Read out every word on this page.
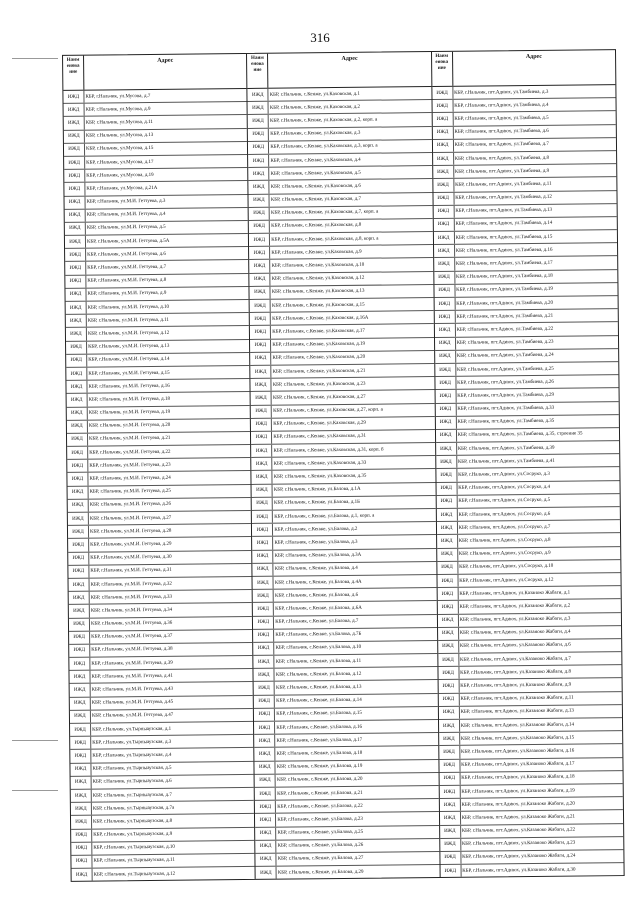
316
Наим енова ние
Адрес
ИЖД	КБР, г.Нальчик, ул.Мусова, д.7
ИЖД	КБР, г.Нальчик, ул.Мусова, д.9
ИЖД	КБР, г.Нальчик, ул.Мусова, д.11
ИЖД	КБР, г.Нальчик, ул.Мусова, д.13
ИЖД	КБР, г.Нальчик, ул.Мусова, д.15
ИЖД	КБР, г.Нальчик, ул.Мусова, д.17
ИЖД	КБР, г.Нальчик, ул.Мусова, д.19
ИЖД	КБР, г.Нальчик, ул.Мусова, д.21А
ИЖД	КБР, г.Нальчик, ул.М.И. Геттуева, д.3
ИЖД	КБР, г.Нальчик, ул.М.И. Геттуева, д.4
ИЖД	КБР, г.Нальчик, ул.М.И. Геттуева, д.5
ИЖД	КБР, г.Нальчик, ул.М.И. Геттуева, д.5А
ИЖД	КБР, г.Нальчик, ул.М.И. Геттуева, д.6
ИЖД	КБР, г.Нальчик, ул.М.И. Геттуева, д.7
ИЖД	КБР, г.Нальчик, ул.М.И. Геттуева, д.8
ИЖД	КБР, г.Нальчик, ул.М.И. Геттуева, д.9
ИЖД	КБР, г.Нальчик, ул.М.И. Геттуева, д.10
ИЖД	КБР, г.Нальчик, ул.М.И. Геттуева, д.11
ИЖД	КБР, г.Нальчик, ул.М.И. Геттуева, д.12
ИЖД	КБР, г.Нальчик, ул.М.И. Геттуева, д.13
ИЖД	КБР, г.Нальчик, ул.М.И. Геттуева, д.14
ИЖД	КБР, г.Нальчик, ул.М.И. Геттуева, д.15
ИЖД	КБР, г.Нальчик, ул.М.И. Геттуева, д.16
ИЖД	КБР, г.Нальчик, ул.М.И. Геттуева, д.18
ИЖД	КБР, г.Нальчик, ул.М.И. Геттуева, д.19
ИЖД	КБР, г.Нальчик, ул.М.И. Геттуева, д.20
ИЖД	КБР, г.Нальчик, ул.М.И. Геттуева, д.21
ИЖД	КБР, г.Нальчик, ул.М.И. Геттуева, д.22
ИЖД	КБР, г.Нальчик, ул.М.И. Геттуева, д.23
ИЖД	КБР, г.Нальчик, ул.М.И. Геттуева, д.24
ИЖД	КБР, г.Нальчик, ул.М.И. Геттуева, д.25
ИЖД	КБР, г.Нальчик, ул.М.И. Геттуева, д.26
ИЖД	КБР, г.Нальчик, ул.М.И. Геттуева, д.27
ИЖД	КБР, г.Нальчик, ул.М.И. Геттуева, д.28
ИЖД	КБР, г.Нальчик, ул.М.И. Геттуева, д.29
ИЖД	КБР, г.Нальчик, ул.М.И. Геттуева, д.30
ИЖД	КБР, г.Нальчик, ул.М.И. Геттуева, д.31
ИЖД	КБР, г.Нальчик, ул.М.И. Геттуева, д.32
ИЖД	КБР, г.Нальчик, ул.М.И. Геттуева, д.33
ИЖД	КБР, г.Нальчик, ул.М.И. Геттуева, д.34
ИЖД	КБР, г.Нальчик, ул.М.И. Геттуева, д.36
ИЖД	КБР, г.Нальчик, ул.М.И. Геттуева, д.37
ИЖД	КБР, г.Нальчик, ул.М.И. Геттуева, д.38
ИЖД	КБР, г.Нальчик, ул.М.И. Геттуева, д.39
ИЖД	КБР, г.Нальчик, ул.М.И. Геттуева, д.41
ИЖД	КБР, г.Нальчик, ул.М.И. Геттуева, д.43
ИЖД	КБР, г.Нальчик, ул.М.И. Геттуева, д.45
ИЖД	КБР, г.Нальчик, ул.М.И. Геттуева, д.47
ИЖД	КБР, г.Нальчик, ул.Тырныаузская, д.1
ИЖД	КБР, г.Нальчик, ул.Тырныаузская, д.3
ИЖД	КБР, г.Нальчик, ул.Тырныаузская, д.4
ИЖД	КБР, г.Нальчик, ул.Тырныаузская, д.5
ИЖД	КБР, г.Нальчик, ул.Тырныаузская, д.6
ИЖД	КБР, г.Нальчик, ул.Тырныаузская, д.7
ИЖД	КБР, г.Нальчик, ул.Тырныаузская, д.7а
ИЖД	КБР, г.Нальчик, ул.Тырныаузская, д.8
ИЖД	КБР, г.Нальчик, ул.Тырныаузская, д.9
ИЖД	КБР, г.Нальчик, ул.Тырныаузская, д.10
ИЖД	КБР, г.Нальчик, ул.Тырныаузская, д.11
ИЖД	КБР, г.Нальчик, ул.Тырныаузская, д.12
Наим енова ние
Адрес
ИЖД	КБР, г.Нальчик, с.Кенже, ул.Каховская, д.1
ИЖД	КБР, г.Нальчик, с.Кенже, ул.Каховская, д.2
ИЖД	КБР, г.Нальчик, с.Кенже, ул.Каховская, д.2, корп. а
ИЖД	КБР, г.Нальчик, с.Кенже, ул.Каховская, д.3
ИЖД	КБР, г.Нальчик, с.Кенже, ул.Каховская, д.3, корп. а
ИЖД	КБР, г.Нальчик, с.Кенже, ул.Каховская, д.4
ИЖД	КБР, г.Нальчик, с.Кенже, ул.Каховская, д.5
ИЖД	КБР, г.Нальчик, с.Кенже, ул.Каховская, д.6
ИЖД	КБР, г.Нальчик, с.Кенже, ул.Каховская, д.7
ИЖД	КБР, г.Нальчик, с.Кенже, ул.Каховская, д.7, корп. а
ИЖД	КБР, г.Нальчик, с.Кенже, ул.Каховская, д.8
ИЖД	КБР, г.Нальчик, с.Кенже, ул.Каховская, д.8, корп. а
ИЖД	КБР, г.Нальчик, с.Кенже, ул.Каховская, д.9
ИЖД	КБР, г.Нальчик, с.Кенже, ул.Каховская, д.10
ИЖД	КБР, г.Нальчик, с.Кенже, ул.Каховская, д.12
ИЖД	КБР, г.Нальчик, с.Кенже, ул.Каховская, д.13
ИЖД	КБР, г.Нальчик, с.Кенже, ул.Каховская, д.15
ИЖД	КБР, г.Нальчик, с.Кенже, ул.Каховская, д.16А
ИЖД	КБР, г.Нальчик, с.Кенже, ул.Каховская, д.17
ИЖД	КБР, г.Нальчик, с.Кенже, ул.Каховская, д.19
ИЖД	КБР, г.Нальчик, с.Кенже, ул.Каховская, д.20
ИЖД	КБР, г.Нальчик, с.Кенже, ул.Каховская, д.21
ИЖД	КБР, г.Нальчик, с.Кенже, ул.Каховская, д.23
ИЖД	КБР, г.Нальчик, с.Кенже, ул.Каховская, д.27
ИЖД	КБР, г.Нальчик, с.Кенже, ул.Каховская, д.27, корп. а
ИЖД	КБР, г.Нальчик, с.Кенже, ул.Каховская, д.29
ИЖД	КБР, г.Нальчик, с.Кенже, ул.Каховская, д.31
ИЖД	КБР, г.Нальчик, с.Кенже, ул.Каховская, д.31, корп. б
ИЖД	КБР, г.Нальчик, с.Кенже, ул.Каховская, д.33
ИЖД	КБР, г.Нальчик, с.Кенже, ул.Каховская, д.35
ИЖД	КБР, г.Нальчик, с.Кенже, ул.Балова, д.1А
ИЖД	КБР, г.Нальчик, с.Кенже, ул.Балова, д.1Б
ИЖД	КБР, г.Нальчик, с.Кенже, ул.Балова, д.1, корп. а
ИЖД	КБР, г.Нальчик, с.Кенже, ул.Балова, д.2
ИЖД	КБР, г.Нальчик, с.Кенже, ул.Балова, д.3
ИЖД	КБР, г.Нальчик, с.Кенже, ул.Балова, д.3А
ИЖД	КБР, г.Нальчик, с.Кенже, ул.Балова, д.4
ИЖД	КБР, г.Нальчик, с.Кенже, ул.Балова, д.4А
ИЖД	КБР, г.Нальчик, с.Кенже, ул.Балова, д.6
ИЖД	КБР, г.Нальчик, с.Кенже, ул.Балова, д.6А
ИЖД	КБР, г.Нальчик, с.Кенже, ул.Балова, д.7
ИЖД	КБР, г.Нальчик, с.Кенже, ул.Балова, д.7Б
ИЖД	КБР, г.Нальчик, с.Кенже, ул.Балова, д.10
ИЖД	КБР, г.Нальчик, с.Кенже, ул.Балова, д.11
ИЖД	КБР, г.Нальчик, с.Кенже, ул.Балова, д.12
ИЖД	КБР, г.Нальчик, с.Кенже, ул.Балова, д.13
ИЖД	КБР, г.Нальчик, с.Кенже, ул.Балова, д.14
ИЖД	КБР, г.Нальчик, с.Кенже, ул.Балова, д.15
ИЖД	КБР, г.Нальчик, с.Кенже, ул.Балова, д.16
ИЖД	КБР, г.Нальчик, с.Кенже, ул.Балова, д.17
ИЖД	КБР, г.Нальчик, с.Кенже, ул.Балова, д.18
ИЖД	КБР, г.Нальчик, с.Кенже, ул.Балова, д.19
ИЖД	КБР, г.Нальчик, с.Кенже, ул.Балова, д.20
ИЖД	КБР, г.Нальчик, с.Кенже, ул.Балова, д.21
ИЖД	КБР, г.Нальчик, с.Кенже, ул.Балова, д.22
ИЖД	КБР, г.Нальчик, с.Кенже, ул.Балова, д.23
ИЖД	КБР, г.Нальчик, с.Кенже, ул.Балова, д.25
ИЖД	КБР, г.Нальчик, с.Кенже, ул.Балова, д.26
ИЖД	КБР, г.Нальчик, с.Кенже, ул.Балова, д.27
ИЖД	КБР, г.Нальчик, с.Кенже, ул.Балова, д.29
Наим енова ние
Адрес
ИЖД	КБР, г.Нальчик, пгт.Адиюх, ул.Тамбиева, д.3
ИЖД	КБР, г.Нальчик, пгт.Адиюх, ул.Тамбиева, д.4
ИЖД	КБР, г.Нальчик, пгт.Адиюх, ул.Тамбиева, д.5
ИЖД	КБР, г.Нальчик, пгт.Адиюх, ул.Тамбиева, д.6
ИЖД	КБР, г.Нальчик, пгт.Адиюх, ул.Тамбиева, д.7
ИЖД	КБР, г.Нальчик, пгт.Адиюх, ул.Тамбиева, д.8
ИЖД	КБР, г.Нальчик, пгт.Адиюх, ул.Тамбиева, д.9
ИЖД	КБР, г.Нальчик, пгт.Адиюх, ул.Тамбиева, д.11
ИЖД	КБР, г.Нальчик, пгт.Адиюх, ул.Тамбиева, д.12
ИЖД	КБР, г.Нальчик, пгт.Адиюх, ул.Тамбиева, д.13
ИЖД	КБР, г.Нальчик, пгт.Адиюх, ул.Тамбиева, д.14
ИЖД	КБР, г.Нальчик, пгт.Адиюх, ул.Тамбиева, д.15
ИЖД	КБР, г.Нальчик, пгт.Адиюх, ул.Тамбиева, д.16
ИЖД	КБР, г.Нальчик, пгт.Адиюх, ул.Тамбиева, д.17
ИЖД	КБР, г.Нальчик, пгт.Адиюх, ул.Тамбиева, д.18
ИЖД	КБР, г.Нальчик, пгт.Адиюх, ул.Тамбиева, д.19
ИЖД	КБР, г.Нальчик, пгт.Адиюх, ул.Тамбиева, д.20
ИЖД	КБР, г.Нальчик, пгт.Адиюх, ул.Тамбиева, д.21
ИЖД	КБР, г.Нальчик, пгт.Адиюх, ул.Тамбиева, д.22
ИЖД	КБР, г.Нальчик, пгт.Адиюх, ул.Тамбиева, д.23
ИЖД	КБР, г.Нальчик, пгт.Адиюх, ул.Тамбиева, д.24
ИЖД	КБР, г.Нальчик, пгт.Адиюх, ул.Тамбиева, д.25
ИЖД	КБР, г.Нальчик, пгт.Адиюх, ул.Тамбиева, д.26
ИЖД	КБР, г.Нальчик, пгт.Адиюх, ул.Тамбиева, д.29
ИЖД	КБР, г.Нальчик, пгт.Адиюх, ул.Тамбиева, д.33
ИЖД	КБР, г.Нальчик, пгт.Адиюх, ул.Тамбиева, д.35
ИЖД	КБР, г.Нальчик, пгт.Адиюх, ул.Тамбиева, д.35, строение 35
ИЖД	КБР, г.Нальчик, пгт.Адиюх, ул.Тамбиева, д.39
ИЖД	КБР, г.Нальчик, пгт.Адиюх, ул.Тамбиева, д.41
ИЖД	КБР, г.Нальчик, пгт.Адиюх, ул.Сосруко, д.3
ИЖД	КБР, г.Нальчик, пгт.Адиюх, ул.Сосруко, д.4
ИЖД	КБР, г.Нальчик, пгт.Адиюх, ул.Сосруко, д.5
ИЖД	КБР, г.Нальчик, пгт.Адиюх, ул.Сосруко, д.6
ИЖД	КБР, г.Нальчик, пгт.Адиюх, ул.Сосруко, д.7
ИЖД	КБР, г.Нальчик, пгт.Адиюх, ул.Сосруко, д.8
ИЖД	КБР, г.Нальчик, пгт.Адиюх, ул.Сосруко, д.9
ИЖД	КБР, г.Нальчик, пгт.Адиюх, ул.Сосруко, д.10
ИЖД	КБР, г.Нальчик, пгт.Адиюх, ул.Сосруко, д.12
ИЖД	КБР, г.Нальчик, пгт.Адиюх, ул.Казанoко Жабаги, д.1
ИЖД	КБР, г.Нальчик, пгт.Адиюх, ул.Казанoко Жабаги, д.2
ИЖД	КБР, г.Нальчик, пгт.Адиюх, ул.Казанoко Жабаги, д.3
ИЖД	КБР, г.Нальчик, пгт.Адиюх, ул.Казанoко Жабаги, д.4
ИЖД	КБР, г.Нальчик, пгт.Адиюх, ул.Казанoко Жабаги, д.6
ИЖД	КБР, г.Нальчик, пгт.Адиюх, ул.Казанoко Жабаги, д.7
ИЖД	КБР, г.Нальчик, пгт.Адиюх, ул.Казанoко Жабаги, д.8
ИЖД	КБР, г.Нальчик, пгт.Адиюх, ул.Казанoко Жабаги, д.9
ИЖД	КБР, г.Нальчик, пгт.Адиюх, ул.Казанoко Жабаги, д.11
ИЖД	КБР, г.Нальчик, пгт.Адиюх, ул.Казанoко Жабаги, д.13
ИЖД	КБР, г.Нальчик, пгт.Адиюх, ул.Казанoко Жабаги, д.14
ИЖД	КБР, г.Нальчик, пгт.Адиюх, ул.Казанoко Жабаги, д.15
ИЖД	КБР, г.Нальчик, пгт.Адиюх, ул.Казанoко Жабаги, д.16
ИЖД	КБР, г.Нальчик, пгт.Адиюх, ул.Казанoко Жабаги, д.17
ИЖД	КБР, г.Нальчик, пгт.Адиюх, ул.Казанoко Жабаги, д.18
ИЖД	КБР, г.Нальчик, пгт.Адиюх, ул.Казанoко Жабаги, д.19
ИЖД	КБР, г.Нальчик, пгт.Адиюх, ул.Казанoко Жабаги, д.20
ИЖД	КБР, г.Нальчик, пгт.Адиюх, ул.Казанoко Жабаги, д.21
ИЖД	КБР, г.Нальчик, пгт.Адиюх, ул.Казанoко Жабаги, д.22
ИЖД	КБР, г.Нальчик, пгт.Адиюх, ул.Казанoко Жабаги, д.23
ИЖД	КБР, г.Нальчик, пгт.Адиюх, ул.Казанoко Жабаги, д.24
ИЖД	КБР, г.Нальчик, пгт.Адиюх, ул.Казанoко Жабаги, д.30
